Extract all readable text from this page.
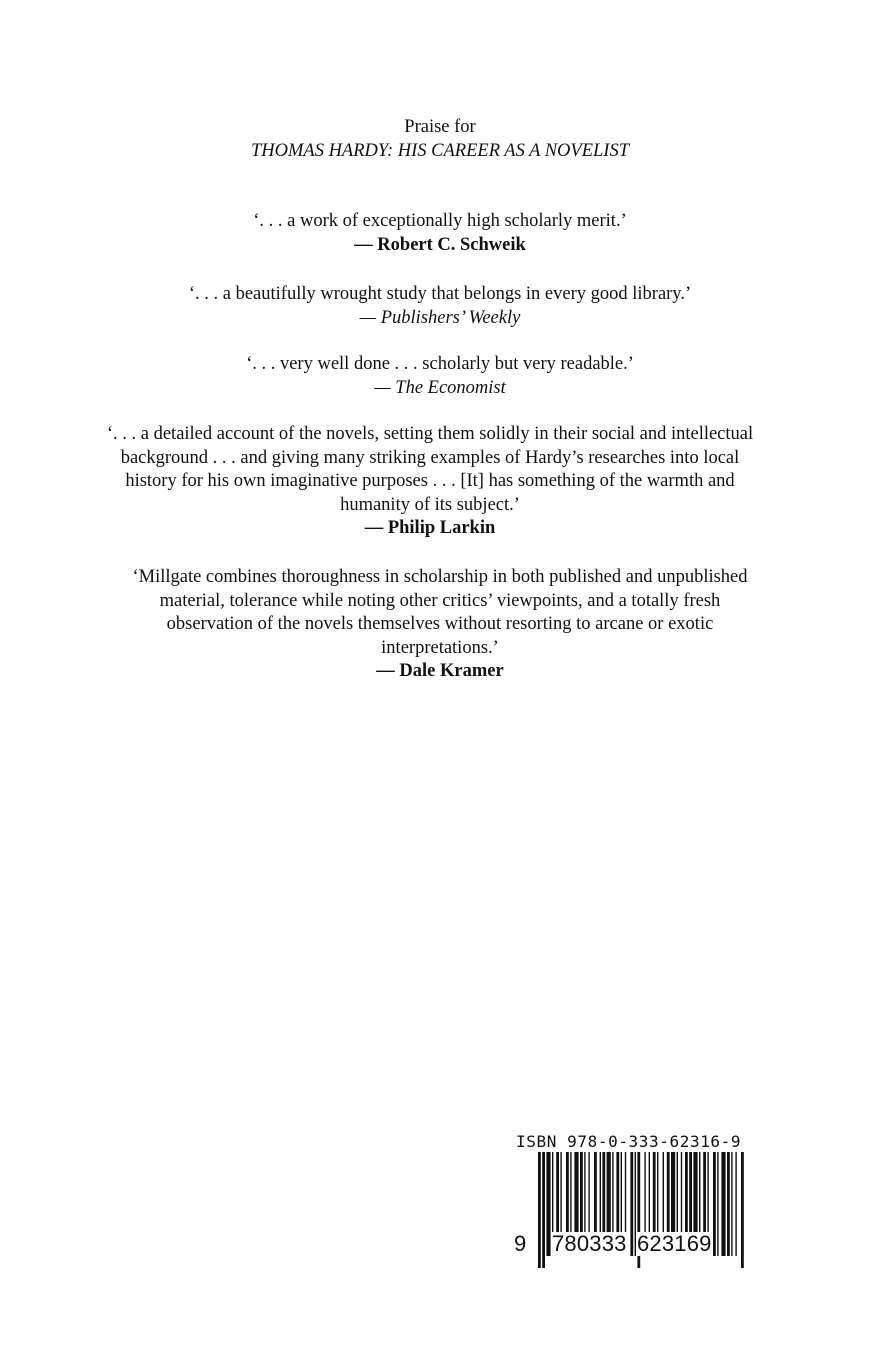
Praise for
THOMAS HARDY: HIS CAREER AS A NOVELIST
‘. . . a work of exceptionally high scholarly merit.’
— Robert C. Schweik
‘. . . a beautifully wrought study that belongs in every good library.’
— Publishers’ Weekly
‘. . . very well done . . . scholarly but very readable.’
— The Economist
‘. . . a detailed account of the novels, setting them solidly in their social and intellectual background . . . and giving many striking examples of Hardy’s researches into local history for his own imaginative purposes . . . [It] has something of the warmth and humanity of its subject.’
— Philip Larkin
‘Millgate combines thoroughness in scholarship in both published and unpublished material, tolerance while noting other critics’ viewpoints, and a totally fresh observation of the novels themselves without resorting to arcane or exotic interpretations.’
— Dale Kramer
ISBN 978-0-333-62316-9
9 780333 623169
